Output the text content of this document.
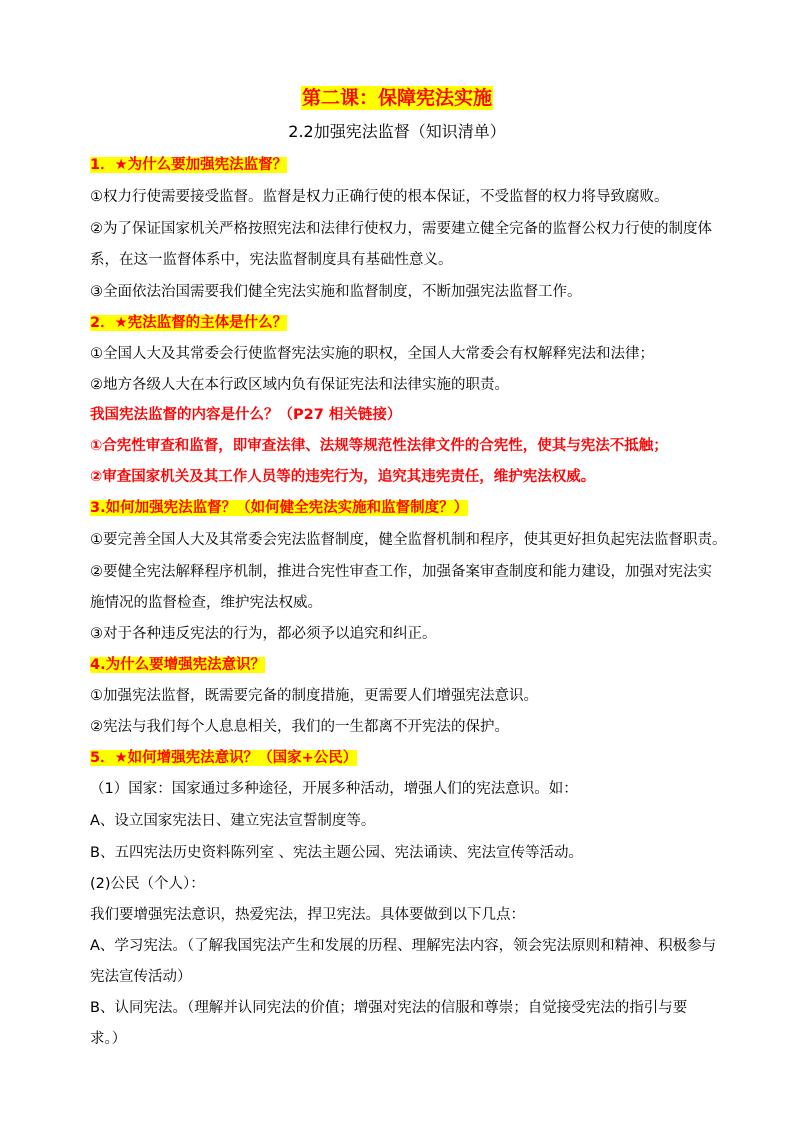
第二课：保障宪法实施
2.2加强宪法监督（知识清单）
1．★为什么要加强宪法监督？
①权力行使需要接受监督。监督是权力正确行使的根本保证，不受监督的权力将导致腐败。
②为了保证国家机关严格按照宪法和法律行使权力，需要建立健全完备的监督公权力行使的制度体
系，在这一监督体系中，宪法监督制度具有基础性意义。
③全面依法治国需要我们健全宪法实施和监督制度，不断加强宪法监督工作。
2．★宪法监督的主体是什么？
①全国人大及其常委会行使监督宪法实施的职权，全国人大常委会有权解释宪法和法律；
②地方各级人大在本行政区域内负有保证宪法和法律实施的职责。
我国宪法监督的内容是什么？（P27 相关链接）
①合宪性审查和监督，即审查法律、法规等规范性法律文件的合宪性，使其与宪法不抵触；
②审查国家机关及其工作人员等的违宪行为，追究其违宪责任，维护宪法权威。
3.如何加强宪法监督？（如何健全宪法实施和监督制度？）
①要完善全国人大及其常委会宪法监督制度，健全监督机制和程序，使其更好担负起宪法监督职责。
②要健全宪法解释程序机制，推进合宪性审查工作，加强备案审查制度和能力建设，加强对宪法实
施情况的监督检查，维护宪法权威。
③对于各种违反宪法的行为，都必须予以追究和纠正。
4.为什么要增强宪法意识？
①加强宪法监督，既需要完备的制度措施，更需要人们增强宪法意识。
②宪法与我们每个人息息相关，我们的一生都离不开宪法的保护。
5．★如何增强宪法意识？（国家+公民）
（1）国家：国家通过多种途径，开展多种活动，增强人们的宪法意识。如：
A、设立国家宪法日、建立宪法宣誓制度等。
B、五四宪法历史资料陈列室 、宪法主题公园、宪法诵读、宪法宣传等活动。
(2)公民（个人）：
我们要增强宪法意识，热爱宪法，捍卫宪法。具体要做到以下几点：
A、学习宪法。（了解我国宪法产生和发展的历程、理解宪法内容，领会宪法原则和精神、积极参与
宪法宣传活动）
B、认同宪法。（理解并认同宪法的价值；增强对宪法的信服和尊崇；自觉接受宪法的指引与要
求。）
